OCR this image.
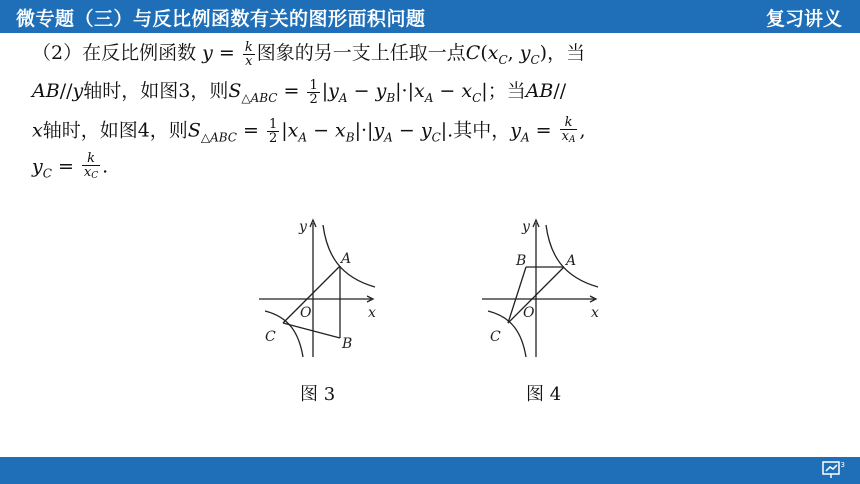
微专题（三）与反比例函数有关的图形面积问题	复习讲义
（2）在反比例函数 $y = \frac{k}{x}$ 图象的另一支上任取一点$C(x_C$, $y_C$)，当
AB//y轴时，如图3，则$S_{\triangle ABC} = \frac{1}{2} |y_A - y_B|\cdot|x_A - x_C|$；当AB//
x轴时，如图4，则$S_{\triangle ABC} = \frac{1}{2} |x_A - x_B|\cdot|y_A - y_C|$.其中，$y_A = \frac{k}{x_A}$ ,
$y_C = \frac{k}{x_C}$ .
y
x
O
A
B
C
图 3
y
x
O
A
B
C
图 4
3
